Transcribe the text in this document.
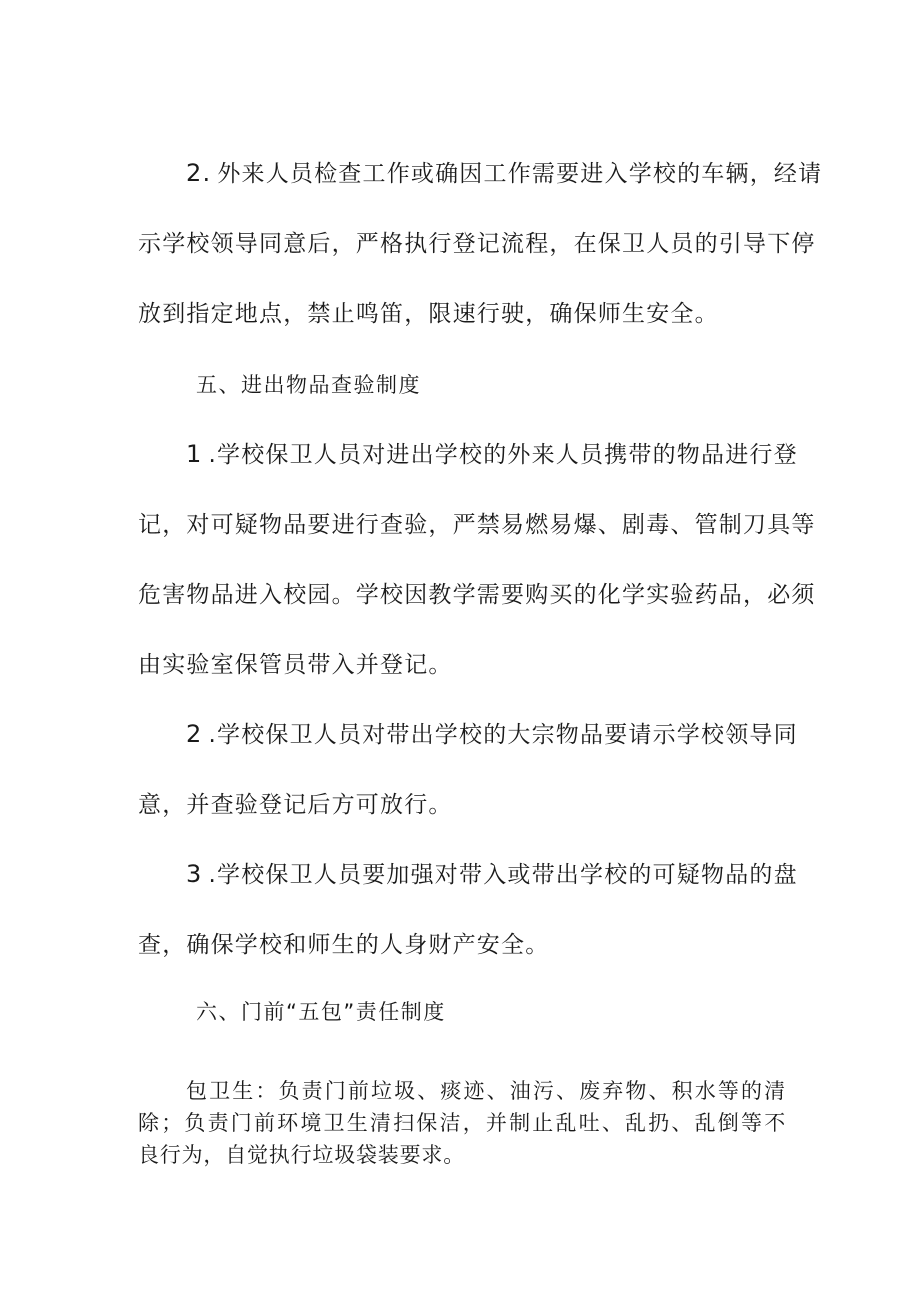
2. 外来人员检查工作或确因工作需要进入学校的车辆，经请

示学校领导同意后，严格执行登记流程，在保卫人员的引导下停

放到指定地点，禁止鸣笛，限速行驶，确保师生安全。

五、进出物品查验制度

1 .学校保卫人员对进出学校的外来人员携带的物品进行登

记，对可疑物品要进行查验，严禁易燃易爆、剧毒、管制刀具等

危害物品进入校园。学校因教学需要购买的化学实验药品，必须

由实验室保管员带入并登记。

2 .学校保卫人员对带出学校的大宗物品要请示学校领导同

意，并查验登记后方可放行。

3 .学校保卫人员要加强对带入或带出学校的可疑物品的盘

查，确保学校和师生的人身财产安全。

六、门前“五包”责任制度

包卫生：负责门前垃圾、痰迹、油污、废弃物、积水等的清

除；负责门前环境卫生清扫保洁，并制止乱吐、乱扔、乱倒等不

良行为，自觉执行垃圾袋装要求。
